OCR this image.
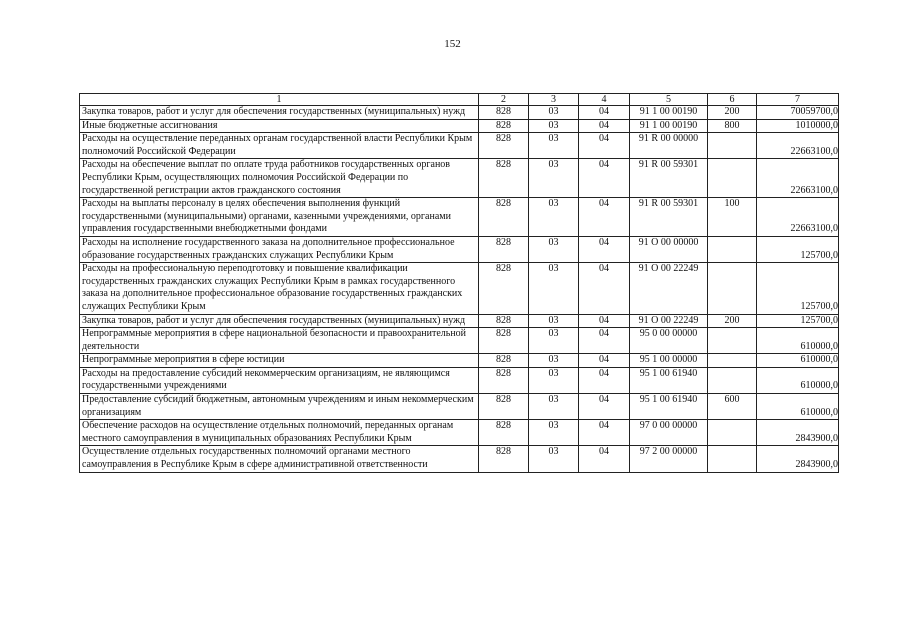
152
1	2	3	4	5	6	7
Закупка товаров, работ и услуг для обеспечения государственных (муниципальных) нужд	828	03	04	91 1 00 00190	200	70059700,0
Иные бюджетные ассигнования	828	03	04	91 1 00 00190	800	1010000,0
Расходы на осуществление переданных органам государственной власти Республики Крым полномочий Российской Федерации	828	03	04	91 R 00 00000		22663100,0
Расходы на обеспечение выплат по оплате труда работников государственных органов Республики Крым, осуществляющих полномочия Российской Федерации по государственной регистрации актов гражданского состояния	828	03	04	91 R 00 59301		22663100,0
Расходы на выплаты персоналу в целях обеспечения выполнения функций государственными (муниципальными) органами, казенными учреждениями, органами управления государственными внебюджетными фондами	828	03	04	91 R 00 59301	100	22663100,0
Расходы на исполнение государственного заказа на дополнительное профессиональное образование государственных гражданских служащих Республики Крым	828	03	04	91 O 00 00000		125700,0
Расходы на профессиональную переподготовку и повышение квалификации государственных гражданских служащих Республики Крым в рамках государственного заказа на дополнительное профессиональное образование государственных гражданских служащих Республики Крым	828	03	04	91 O 00 22249		125700,0
Закупка товаров, работ и услуг для обеспечения государственных (муниципальных) нужд	828	03	04	91 O 00 22249	200	125700,0
Непрограммные мероприятия в сфере национальной безопасности и правоохранительной деятельности	828	03	04	95 0 00 00000		610000,0
Непрограммные мероприятия в сфере юстиции	828	03	04	95 1 00 00000		610000,0
Расходы на предоставление субсидий некоммерческим организациям, не являющимся государственными учреждениями	828	03	04	95 1 00 61940		610000,0
Предоставление субсидий бюджетным, автономным учреждениям и иным некоммерческим организациям	828	03	04	95 1 00 61940	600	610000,0
Обеспечение расходов на осуществление отдельных полномочий, переданных органам местного самоуправления в муниципальных образованиях Республики Крым	828	03	04	97 0 00 00000		2843900,0
Осуществление отдельных государственных полномочий органами местного самоуправления в Республике Крым в сфере административной ответственности	828	03	04	97 2 00 00000		2843900,0
